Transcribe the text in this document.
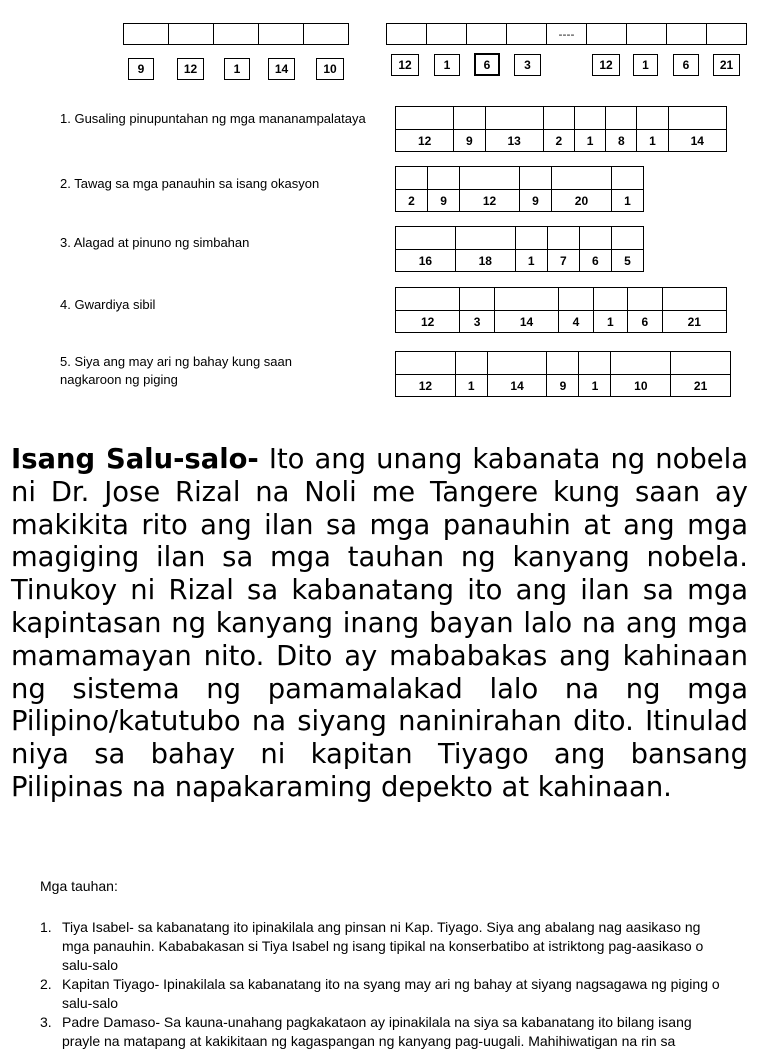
----
9	12	1	14	10	12	1	6	3	12	1	6	21
1. Gusaling pinupuntahan ng mga mananampalataya

12	9	13	2	1	8	1	14
2. Tawag sa mga panauhin sa isang okasyon

2	9	12	9	20	1
3. Alagad at pinuno ng simbahan

16	18	1	7	6	5
4. Gwardiya sibil

12	3	14	4	1	6	21
5. Siya ang may ari ng bahay kung saan nagkaroon ng piging
							12	1	14	9	1	10	21
Isang Salu-salo- Ito ang unang kabanata ng nobela ni Dr. Jose Rizal na Noli me Tangere kung saan ay makikita rito ang ilan sa mga panauhin at ang mga magiging ilan sa mga tauhan ng kanyang nobela. Tinukoy ni Rizal sa kabanatang ito ang ilan sa mga kapintasan ng kanyang inang bayan lalo na ang mga mamamayan nito. Dito ay mababakas ang kahinaan ng sistema ng pamamalakad lalo na ng mga Pilipino/katutubo na siyang naninirahan dito. Itinulad niya sa bahay ni kapitan Tiyago ang bansang Pilipinas na napakaraming depekto at kahinaan.
Mga tauhan:
1. Tiya Isabel- sa kabanatang ito ipinakilala ang pinsan ni Kap. Tiyago. Siya ang abalang nag aasikaso ng mga panauhin. Kababakasan si Tiya Isabel ng isang tipikal na konserbatibo at istriktong pag-aasikaso o salu-salo
2. Kapitan Tiyago- Ipinakilala sa kabanatang ito na syang may ari ng bahay at siyang nagsagawa ng piging o salu-salo
3. Padre Damaso- Sa kauna-unahang pagkakataon ay ipinakilala na siya sa kabanatang ito bilang isang prayle na matapang at kakikitaan ng kagaspangan ng kanyang pag-uugali. Mahihiwatigan na rin sa
